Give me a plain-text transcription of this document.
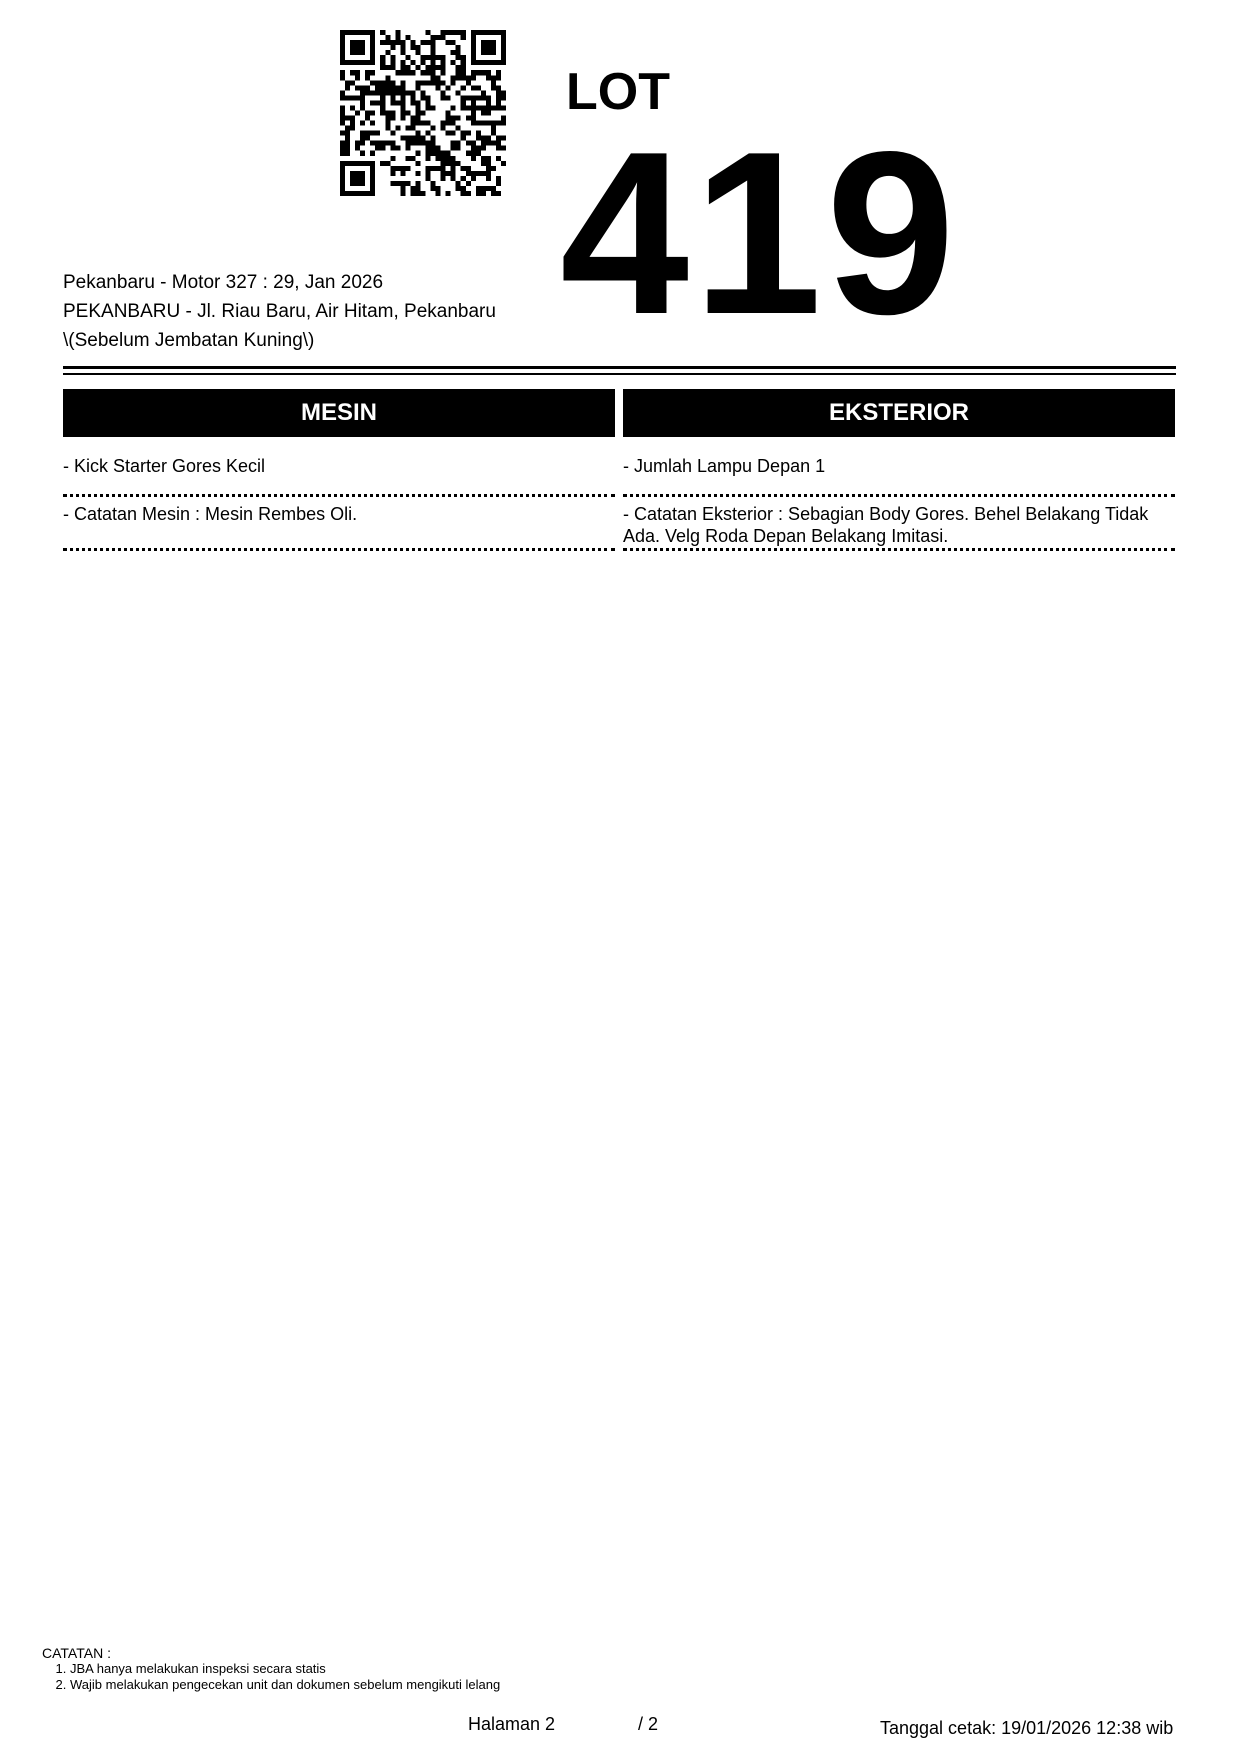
LOT
419
Pekanbaru - Motor 327 : 29, Jan 2026
PEKANBARU - Jl. Riau Baru, Air Hitam, Pekanbaru
\(Sebelum Jembatan Kuning\)
MESIN
- Kick Starter Gores Kecil
- Catatan Mesin : Mesin Rembes Oli.
EKSTERIOR
- Jumlah Lampu Depan 1
- Catatan Eksterior : Sebagian Body Gores. Behel Belakang Tidak Ada. Velg Roda Depan Belakang Imitasi.
CATATAN :
1. JBA hanya melakukan inspeksi secara statis
2. Wajib melakukan pengecekan unit dan dokumen sebelum mengikuti lelang
Halaman 2	/ 2	Tanggal cetak: 19/01/2026 12:38 wib
